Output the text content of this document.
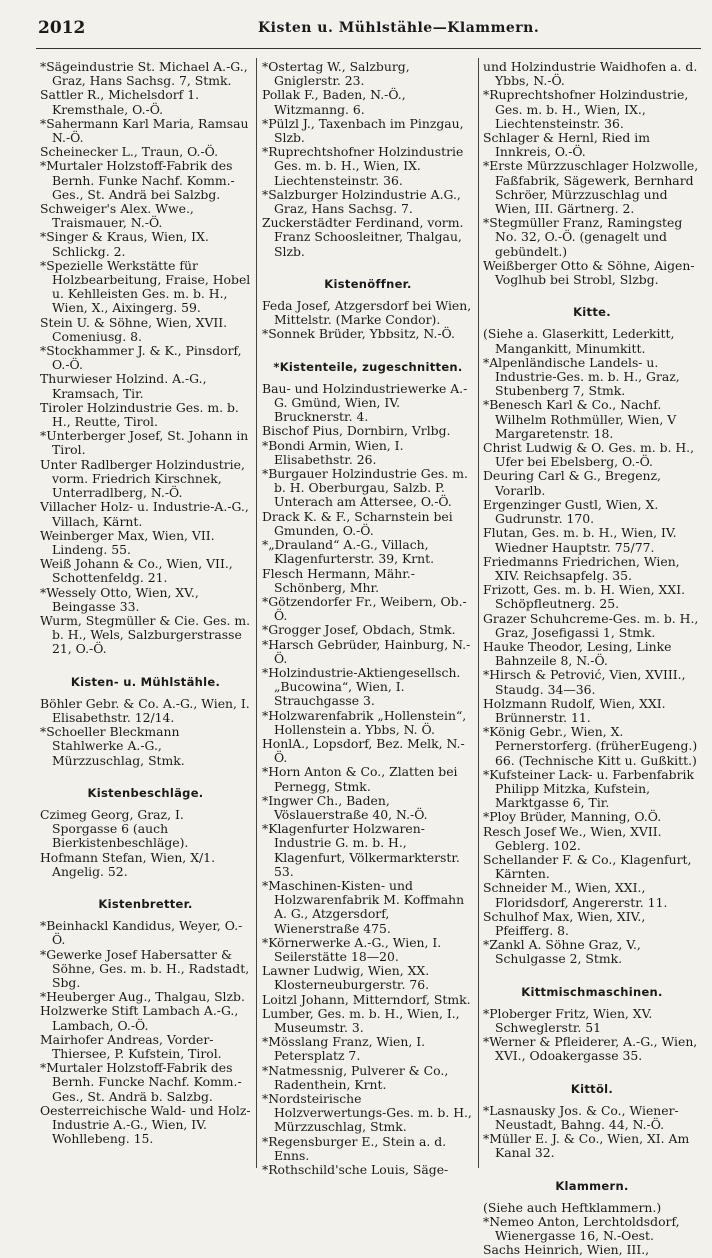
2012	Kisten u. Mühlstähle—Klammern.
*Sägeindustrie St. Michael A.-G., Graz, Hans Sachsg. 7, Stmk.
Sattler R., Michelsdorf 1. Kremsthale, O.-Ö.
*Sahermann Karl Maria, Ramsau N.-Ö.
Scheinecker L., Traun, O.-Ö.
*Murtaler Holzstoff-Fabrik des Bernh. Funke Nachf. Komm.-Ges., St. Andrä bei Salzbg.
Schweiger's Alex. Wwe., Traismauer, N.-Ö.
*Singer & Kraus, Wien, IX. Schlickg. 2.
*Spezielle Werkstätte für Holzbearbeitung, Fraise, Hobel u. Kehlleisten Ges. m. b. H., Wien, X., Aixingerg. 59.
Stein U. & Söhne, Wien, XVII. Comeniusg. 8.
*Stockhammer J. & K., Pinsdorf, O.-Ö.
Thurwieser Holzind. A.-G., Kramsach, Tir.
Tiroler Holzindustrie Ges. m. b. H., Reutte, Tirol.
*Unterberger Josef, St. Johann in Tirol.
Unter Radlberger Holzindustrie, vorm. Friedrich Kirschnek, Unterradlberg, N.-Ö.
Villacher Holz- u. Industrie-A.-G., Villach, Kärnt.
Weinberger Max, Wien, VII. Lindeng. 55.
Weiß Johann & Co., Wien, VII., Schottenfeldg. 21.
*Wessely Otto, Wien, XV., Beingasse 33.
Wurm, Stegmüller & Cie. Ges. m. b. H., Wels, Salzburgerstrasse 21, O.-Ö.
Kisten- u. Mühlstähle.
Böhler Gebr. & Co. A.-G., Wien, I. Elisabethstr. 12/14.
*Schoeller Bleckmann Stahlwerke A.-G., Mürzzuschlag, Stmk.
Kistenbeschläge.
Czimeg Georg, Graz, I. Sporgasse 6 (auch Bierkistenbeschläge).
Hofmann Stefan, Wien, X/1. Angelig. 52.
Kistenbretter.
*Beinhackl Kandidus, Weyer, O.-Ö.
*Gewerke Josef Habersatter & Söhne, Ges. m. b. H., Radstadt, Sbg.
*Heuberger Aug., Thalgau, Slzb.
Holzwerke Stift Lambach A.-G., Lambach, O.-Ö.
Mairhofer Andreas, Vorder-Thiersee, P. Kufstein, Tirol.
*Murtaler Holzstoff-Fabrik des Bernh. Funcke Nachf. Komm.-Ges., St. Andrä b. Salzbg.
Oesterreichische Wald- und Holz-Industrie A.-G., Wien, IV. Wohllebeng. 15.
*Ostertag W., Salzburg, Gniglerstr. 23.
Pollak F., Baden, N.-Ö., Witzmanng. 6.
*Pülzl J., Taxenbach im Pinzgau, Slzb.
*Ruprechtshofner Holzindustrie Ges. m. b. H., Wien, IX. Liechtensteinstr. 36.
*Salzburger Holzindustrie A.G., Graz, Hans Sachsg. 7.
Zuckerstädter Ferdinand, vorm. Franz Schoosleitner, Thalgau, Slzb.
Kistenöffner.
Feda Josef, Atzgersdorf bei Wien, Mittelstr. (Marke Condor).
*Sonnek Brüder, Ybbsitz, N.-Ö.
*Kistenteile, zugeschnitten.
Bau- und Holzindustriewerke A.-G. Gmünd, Wien, IV. Brucknerstr. 4.
Bischof Pius, Dornbirn, Vrlbg.
*Bondi Armin, Wien, I. Elisabethstr. 26.
*Burgauer Holzindustrie Ges. m. b. H. Oberburgau, Salzb. P. Unterach am Attersee, O.-Ö.
Drack K. & F., Scharnstein bei Gmunden, O.-Ö.
*„Drauland“ A.-G., Villach, Klagenfurterstr. 39, Krnt.
Flesch Hermann, Mähr.-Schönberg, Mhr.
*Götzendorfer Fr., Weibern, Ob.-Ö.
*Grogger Josef, Obdach, Stmk.
*Harsch Gebrüder, Hainburg, N.-Ö.
*Holzindustrie-Aktiengesellsch. „Bucowina“, Wien, I. Strauchgasse 3.
*Holzwarenfabrik „Hollenstein“, Hollenstein a. Ybbs, N. Ö.
HonlA., Lopsdorf, Bez. Melk, N.-Ö.
*Horn Anton & Co., Zlatten bei Pernegg, Stmk.
*Ingwer Ch., Baden, Vöslauerstraße 40, N.-Ö.
*Klagenfurter Holzwaren-Industrie G. m. b. H., Klagenfurt, Völkermarkterstr. 53.
*Maschinen-Kisten- und Holzwarenfabrik M. Koffmahn A. G., Atzgersdorf, Wienerstraße 475.
*Körnerwerke A.-G., Wien, I. Seilerstätte 18—20.
Lawner Ludwig, Wien, XX. Klosterneuburgerstr. 76.
Loitzl Johann, Mitterndorf, Stmk.
Lumber, Ges. m. b. H., Wien, I., Museumstr. 3.
*Mösslang Franz, Wien, I. Petersplatz 7.
*Natmessnig, Pulverer & Co., Radenthein, Krnt.
*Nordsteirische Holzverwertungs-Ges. m. b. H., Mürzzuschlag, Stmk.
*Regensburger E., Stein a. d. Enns.
*Rothschild'sche Louis, Säge-
und Holzindustrie Waidhofen a. d. Ybbs, N.-Ö.
*Ruprechtshofner Holzindustrie, Ges. m. b. H., Wien, IX., Liechtensteinstr. 36.
Schlager & Hernl, Ried im Innkreis, O.-Ö.
*Erste Mürzzuschlager Holzwolle, Faßfabrik, Sägewerk, Bernhard Schröer, Mürzzuschlag und Wien, III. Gärtnerg. 2.
*Stegmüller Franz, Ramingsteg No. 32, O.-Ö. (genagelt und gebündelt.)
Weißberger Otto & Söhne, Aigen-Voglhub bei Strobl, Slzbg.
Kitte.
(Siehe a. Glaserkitt, Lederkitt, Mangankitt, Minumkitt.
*Alpenländische Landels- u. Industrie-Ges. m. b. H., Graz, Stubenberg 7, Stmk.
*Benesch Karl & Co., Nachf. Wilhelm Rothmüller, Wien, V Margaretenstr. 18.
Christ Ludwig & O. Ges. m. b. H., Ufer bei Ebelsberg, O.-Ö.
Deuring Carl & G., Bregenz, Vorarlb.
Ergenzinger Gustl, Wien, X. Gudrunstr. 170.
Flutan, Ges. m. b. H., Wien, IV. Wiedner Hauptstr. 75/77.
Friedmanns Friedrichen, Wien, XIV. Reichsapfelg. 35.
Frizott, Ges. m. b. H. Wien, XXI. Schöpfleutnerg. 25.
Grazer Schuhcreme-Ges. m. b. H., Graz, Josefigassi 1, Stmk.
Hauke Theodor, Lesing, Linke Bahnzeile 8, N.-Ö.
*Hirsch & Petrović, Vien, XVIII., Staudg. 34—36.
Holzmann Rudolf, Wien, XXI. Brünnerstr. 11.
*König Gebr., Wien, X. Pernerstorferg. (früherEugeng.) 66. (Technische Kitt u. Gußkitt.)
*Kufsteiner Lack- u. Farbenfabrik Philipp Mitzka, Kufstein, Marktgasse 6, Tir.
*Ploy Brüder, Manning, O.Ö.
Resch Josef We., Wien, XVII. Geblerg. 102.
Schellander F. & Co., Klagenfurt, Kärnten.
Schneider M., Wien, XXI., Floridsdorf, Angererstr. 11.
Schulhof Max, Wien, XIV., Pfeifferg. 8.
*Zankl A. Söhne Graz, V., Schulgasse 2, Stmk.
Kittmischmaschinen.
*Ploberger Fritz, Wien, XV. Schweglerstr. 51
*Werner & Pfleiderer, A.-G., Wien, XVI., Odoakergasse 35.
Kittöl.
*Lasnausky Jos. & Co., Wiener-Neustadt, Bahng. 44, N.-Ö.
*Müller E. J. & Co., Wien, XI. Am Kanal 32.
Klammern.
(Siehe auch Heftklammern.)
*Nemeo Anton, Lerchtoldsdorf, Wienergasse 16, N.-Oest.
Sachs Heinrich, Wien, III.,
